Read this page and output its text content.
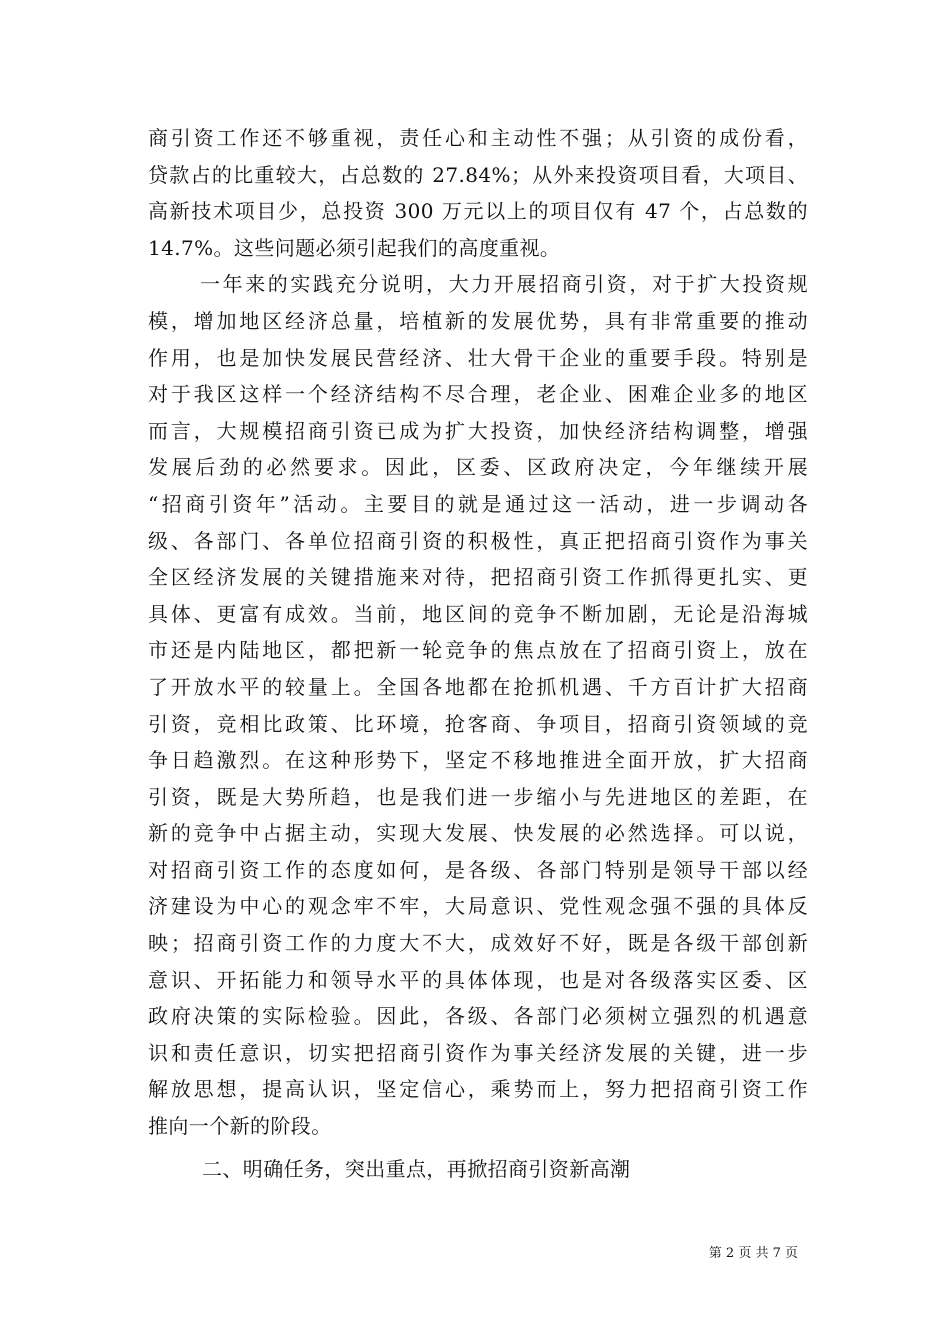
商引资工作还不够重视，责任心和主动性不强；从引资的成份看，
贷款占的比重较大，占总数的 27.84%；从外来投资项目看，大项目、
高新技术项目少，总投资 300 万元以上的项目仅有 47 个，占总数的
14.7%。这些问题必须引起我们的高度重视。
一年来的实践充分说明，大力开展招商引资，对于扩大投资规
模，增加地区经济总量，培植新的发展优势，具有非常重要的推动
作用，也是加快发展民营经济、壮大骨干企业的重要手段。特别是
对于我区这样一个经济结构不尽合理，老企业、困难企业多的地区
而言，大规模招商引资已成为扩大投资，加快经济结构调整，增强
发展后劲的必然要求。因此，区委、区政府决定，今年继续开展
“招商引资年”活动。主要目的就是通过这一活动，进一步调动各
级、各部门、各单位招商引资的积极性，真正把招商引资作为事关
全区经济发展的关键措施来对待，把招商引资工作抓得更扎实、更
具体、更富有成效。当前，地区间的竞争不断加剧，无论是沿海城
市还是内陆地区，都把新一轮竞争的焦点放在了招商引资上，放在
了开放水平的较量上。全国各地都在抢抓机遇、千方百计扩大招商
引资，竞相比政策、比环境，抢客商、争项目，招商引资领域的竞
争日趋激烈。在这种形势下，坚定不移地推进全面开放，扩大招商
引资，既是大势所趋，也是我们进一步缩小与先进地区的差距，在
新的竞争中占据主动，实现大发展、快发展的必然选择。可以说，
对招商引资工作的态度如何，是各级、各部门特别是领导干部以经
济建设为中心的观念牢不牢，大局意识、党性观念强不强的具体反
映；招商引资工作的力度大不大，成效好不好，既是各级干部创新
意识、开拓能力和领导水平的具体体现，也是对各级落实区委、区
政府决策的实际检验。因此，各级、各部门必须树立强烈的机遇意
识和责任意识，切实把招商引资作为事关经济发展的关键，进一步
解放思想，提高认识，坚定信心，乘势而上，努力把招商引资工作
推向一个新的阶段。
二、明确任务，突出重点，再掀招商引资新高潮
第 2 页 共 7 页
